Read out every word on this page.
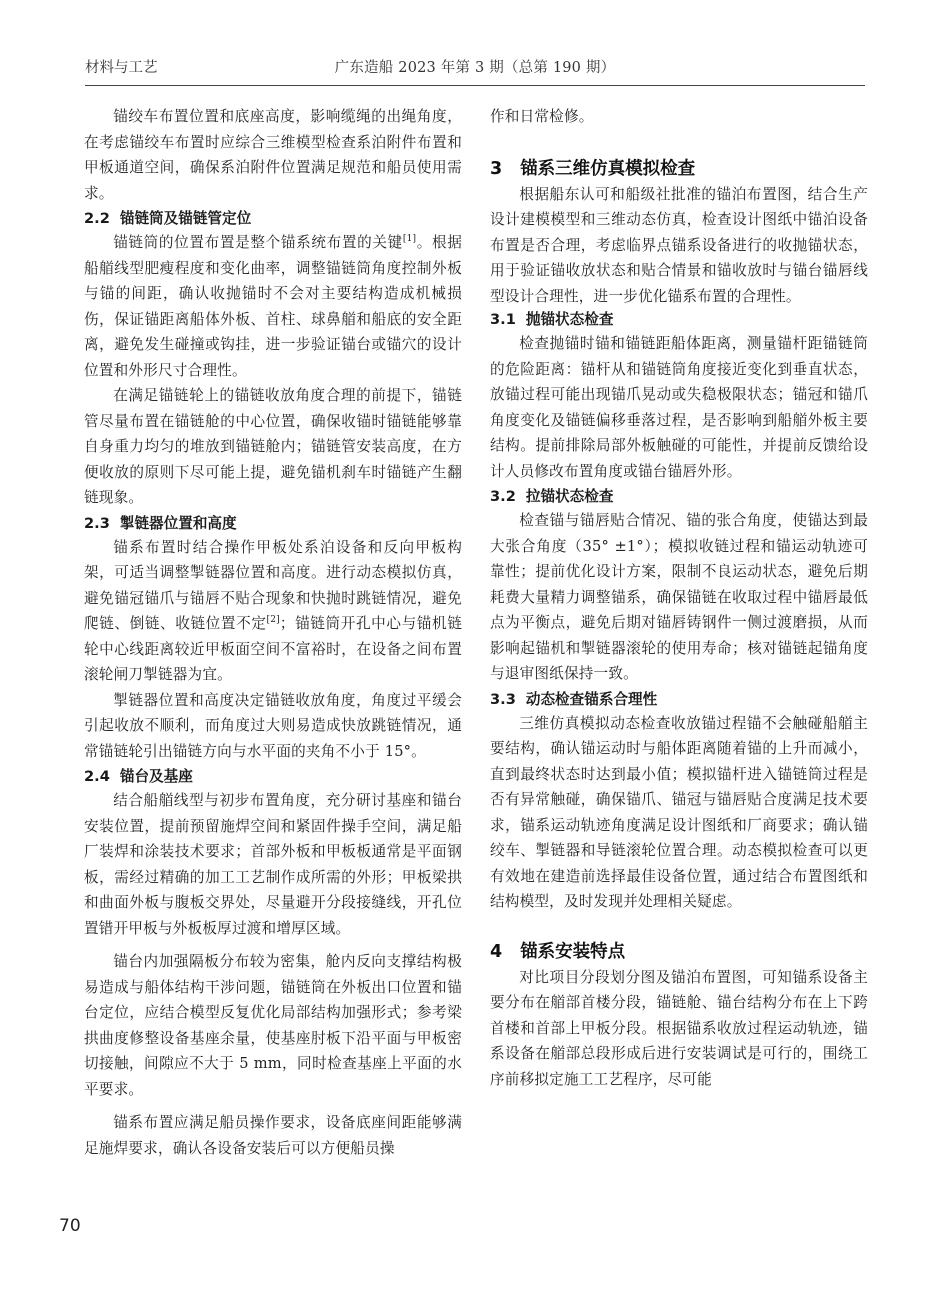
材料与工艺	广东造船 2023 年第 3 期（总第 190 期）

锚绞车布置位置和底座高度，影响缆绳的出绳角度，在考虑锚绞车布置时应综合三维模型检查系泊附件布置和甲板通道空间，确保系泊附件位置满足规范和船员使用需求。

2.2 锚链筒及锚链管定位

锚链筒的位置布置是整个锚系统布置的关键[1]。根据船艏线型肥瘦程度和变化曲率，调整锚链筒角度控制外板与锚的间距，确认收抛锚时不会对主要结构造成机械损伤，保证锚距离船体外板、首柱、球鼻艏和船底的安全距离，避免发生碰撞或钩挂，进一步验证锚台或锚穴的设计位置和外形尺寸合理性。

在满足锚链轮上的锚链收放角度合理的前提下，锚链管尽量布置在锚链舱的中心位置，确保收锚时锚链能够靠自身重力均匀的堆放到锚链舱内；锚链管安装高度，在方便收放的原则下尽可能上提，避免锚机刹车时锚链产生翻链现象。

2.3 掣链器位置和高度

锚系布置时结合操作甲板处系泊设备和反向甲板构架，可适当调整掣链器位置和高度。进行动态模拟仿真，避免锚冠锚爪与锚唇不贴合现象和快抛时跳链情况，避免爬链、倒链、收链位置不定[2]；锚链筒开孔中心与锚机链轮中心线距离较近甲板面空间不富裕时，在设备之间布置滚轮闸刀掣链器为宜。

掣链器位置和高度决定锚链收放角度，角度过平缓会引起收放不顺利，而角度过大则易造成快放跳链情况，通常锚链轮引出锚链方向与水平面的夹角不小于 15°。

2.4 锚台及基座

结合船艏线型与初步布置角度，充分研讨基座和锚台安装位置，提前预留施焊空间和紧固件操手空间，满足船厂装焊和涂装技术要求；首部外板和甲板板通常是平面钢板，需经过精确的加工工艺制作成所需的外形；甲板梁拱和曲面外板与腹板交界处，尽量避开分段接缝线，开孔位置错开甲板与外板板厚过渡和增厚区域。

锚台内加强隔板分布较为密集，舱内反向支撑结构极易造成与船体结构干涉问题，锚链筒在外板出口位置和锚台定位，应结合模型反复优化局部结构加强形式；参考梁拱曲度修整设备基座余量，使基座肘板下沿平面与甲板密切接触，间隙应不大于 5 mm，同时检查基座上平面的水平要求。

锚系布置应满足船员操作要求，设备底座间距能够满足施焊要求，确认各设备安装后可以方便船员操

作和日常检修。

3 锚系三维仿真模拟检查

根据船东认可和船级社批准的锚泊布置图，结合生产设计建模模型和三维动态仿真，检查设计图纸中锚泊设备布置是否合理，考虑临界点锚系设备进行的收抛锚状态，用于验证锚收放状态和贴合情景和锚收放时与锚台锚唇线型设计合理性，进一步优化锚系布置的合理性。

3.1 抛锚状态检查

检查抛锚时锚和锚链距船体距离，测量锚杆距锚链筒的危险距离：锚杆从和锚链筒角度接近变化到垂直状态，放锚过程可能出现锚爪晃动或失稳极限状态；锚冠和锚爪角度变化及锚链偏移垂落过程，是否影响到船艏外板主要结构。提前排除局部外板触碰的可能性，并提前反馈给设计人员修改布置角度或锚台锚唇外形。

3.2 拉锚状态检查

检查锚与锚唇贴合情况、锚的张合角度，使锚达到最大张合角度（35° ±1°）；模拟收链过程和锚运动轨迹可靠性；提前优化设计方案，限制不良运动状态，避免后期耗费大量精力调整锚系，确保锚链在收取过程中锚唇最低点为平衡点，避免后期对锚唇铸钢件一侧过渡磨损，从而影响起锚机和掣链器滚轮的使用寿命；核对锚链起锚角度与退审图纸保持一致。

3.3 动态检查锚系合理性

三维仿真模拟动态检查收放锚过程锚不会触碰船艏主要结构，确认锚运动时与船体距离随着锚的上升而减小，直到最终状态时达到最小值；模拟锚杆进入锚链筒过程是否有异常触碰，确保锚爪、锚冠与锚唇贴合度满足技术要求，锚系运动轨迹角度满足设计图纸和厂商要求；确认锚绞车、掣链器和导链滚轮位置合理。动态模拟检查可以更有效地在建造前选择最佳设备位置，通过结合布置图纸和结构模型，及时发现并处理相关疑虑。

4 锚系安装特点

对比项目分段划分图及锚泊布置图，可知锚系设备主要分布在艏部首楼分段，锚链舱、锚台结构分布在上下跨首楼和首部上甲板分段。根据锚系收放过程运动轨迹，锚系设备在艏部总段形成后进行安装调试是可行的，围绕工序前移拟定施工工艺程序，尽可能

70
